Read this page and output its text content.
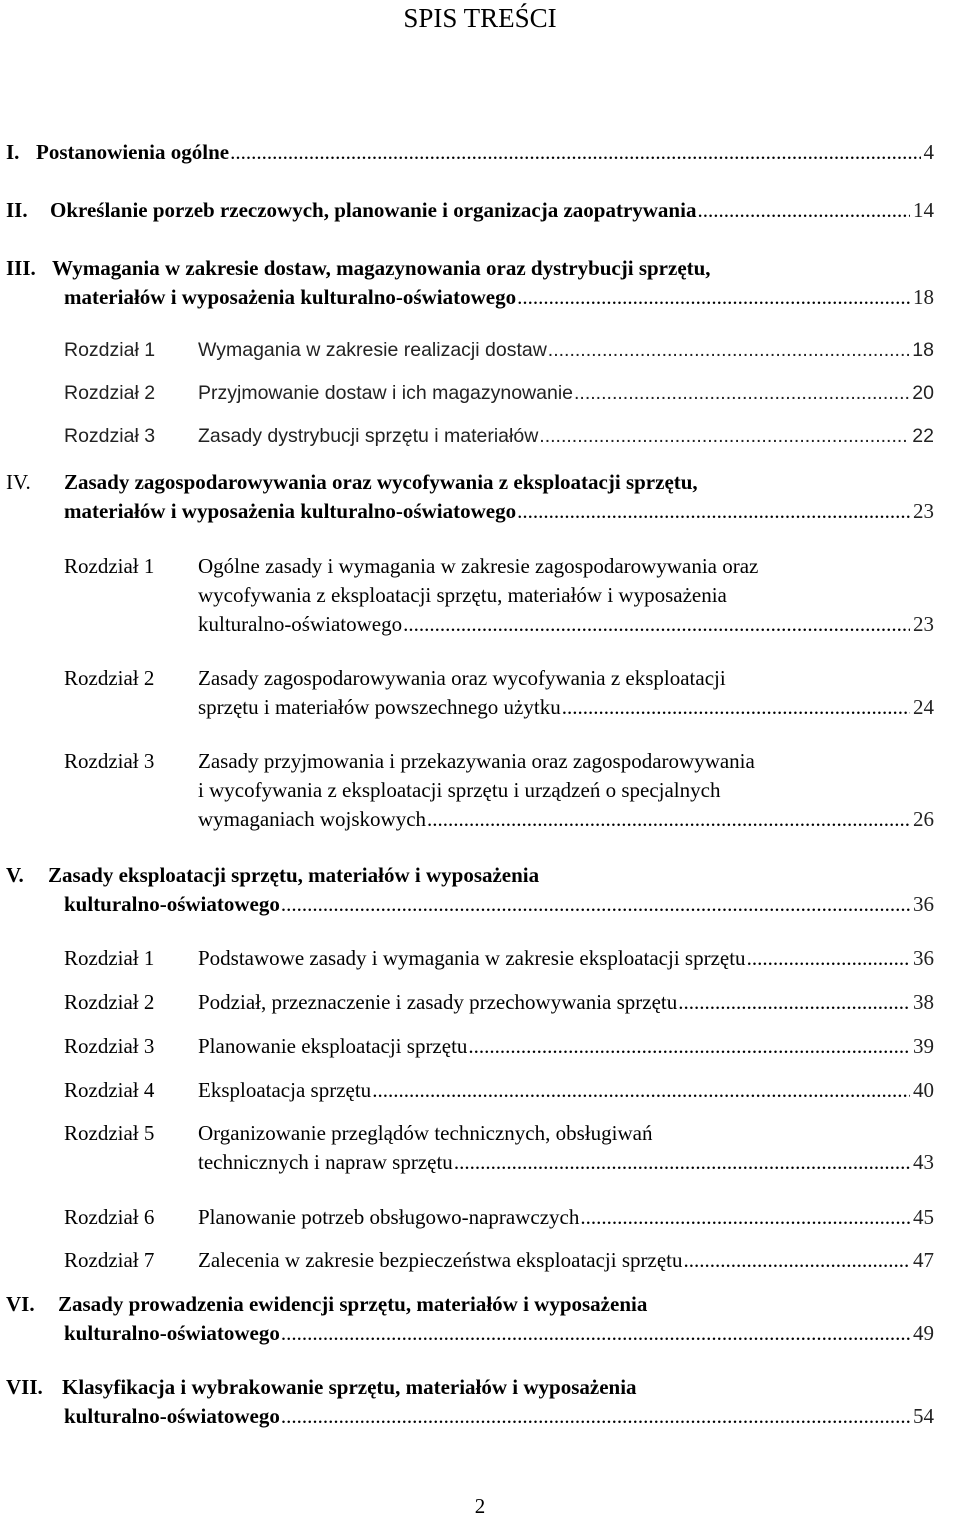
SPIS TREŚCI
I. Postanowienia ogólne .....	4
II. Określanie porzeb rzeczowych, planowanie i organizacja zaopatrywania .....	14
III. Wymagania w zakresie dostaw, magazynowania oraz dystrybucji sprzętu,
materiałów i wyposażenia kulturalno-oświatowego .....	18
Rozdział 1 Wymagania w zakresie realizacji dostaw .....	18
Rozdział 2 Przyjmowanie dostaw i ich magazynowanie .....	20
Rozdział 3 Zasady dystrybucji sprzętu i materiałów .....	22
IV. Zasady zagospodarowywania oraz wycofywania z eksploatacji sprzętu,
materiałów i wyposażenia kulturalno-oświatowego .....	23
Rozdział 1 Ogólne zasady i wymagania w zakresie zagospodarowywania oraz
wycofywania z eksploatacji sprzętu, materiałów i wyposażenia
kulturalno-oświatowego .....	23
Rozdział 2 Zasady zagospodarowywania oraz wycofywania z eksploatacji
sprzętu i materiałów powszechnego użytku .....	24
Rozdział 3 Zasady przyjmowania i przekazywania oraz zagospodarowywania
i wycofywania z eksploatacji sprzętu i urządzeń o specjalnych
wymaganiach wojskowych .....	26
V. Zasady eksploatacji sprzętu, materiałów i wyposażenia
kulturalno-oświatowego .....	36
Rozdział 1 Podstawowe zasady i wymagania w zakresie eksploatacji sprzętu .....	36
Rozdział 2 Podział, przeznaczenie i zasady przechowywania sprzętu .....	38
Rozdział 3 Planowanie eksploatacji sprzętu .....	39
Rozdział 4 Eksploatacja sprzętu .....	40
Rozdział 5 Organizowanie przeglądów technicznych, obsługiwań
technicznych i napraw sprzętu .....	43
Rozdział 6 Planowanie potrzeb obsługowo-naprawczych .....	45
Rozdział 7 Zalecenia w zakresie bezpieczeństwa eksploatacji sprzętu .....	47
VI. Zasady prowadzenia ewidencji sprzętu, materiałów i wyposażenia
kulturalno-oświatowego .....	49
VII. Klasyfikacja i wybrakowanie sprzętu, materiałów i wyposażenia
kulturalno-oświatowego .....	54
2
